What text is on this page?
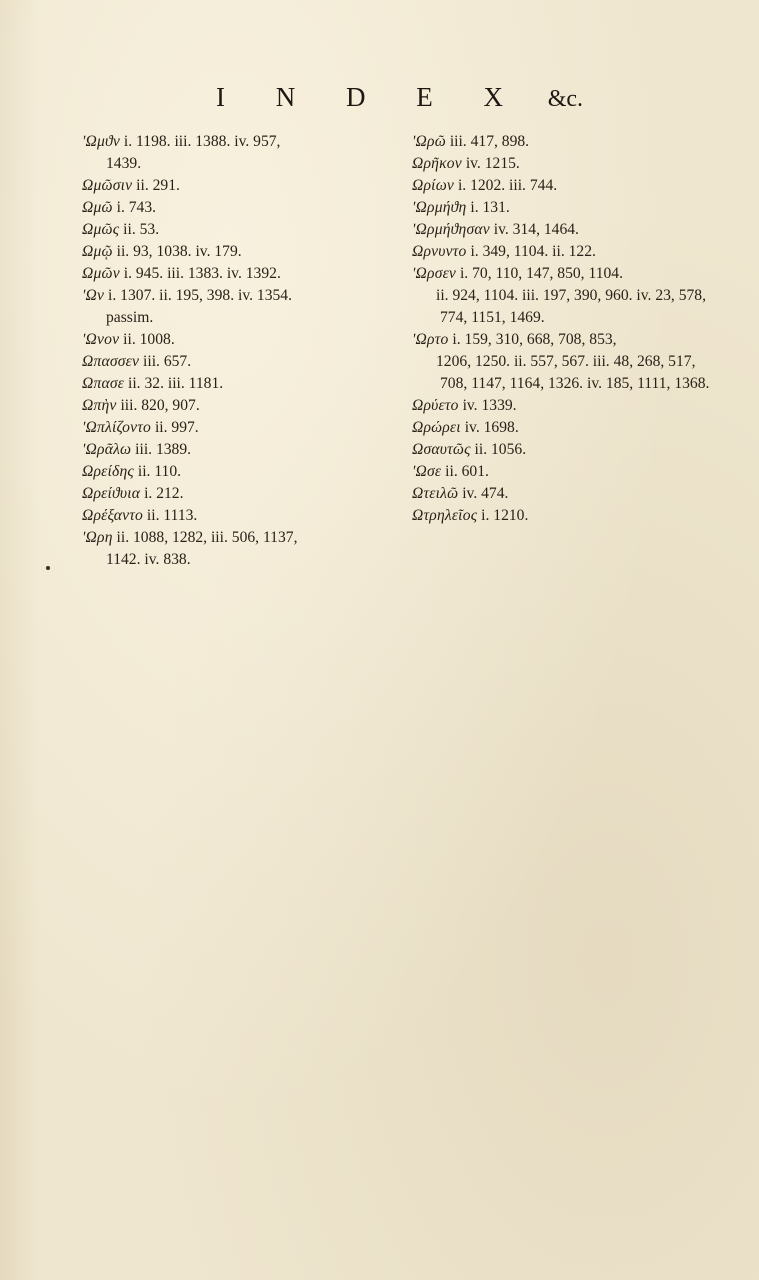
I N D E X &c.
ʹΩμϑν i. 1198. iii. 1388. iv. 957,
1439.
Ωμῶσιν ii. 291.
Ωμῶ i. 743.
Ωμῶς ii. 53.
Ωμῷ ii. 93, 1038. iv. 179.
Ωμῶν i. 945. iii. 1383. iv. 1392.
ʹΩν i. 1307. ii. 195, 398. iv. 1354.
passim.
ʹΩνον ii. 1008.
Ωπασσεν iii. 657.
Ωπασε ii. 32. iii. 1181.
Ωπὴν iii. 820, 907.
ʹΩπλίζοντο ii. 997.
ʹΩρᾶλω iii. 1389.
Ωρείδης ii. 110.
Ωρείϑυια i. 212.
Ωρέξαντο ii. 1113.
ʹΩρη ii. 1088, 1282, iii. 506, 1137,
1142. iv. 838.
ʹΩρῶ iii. 417, 898.
Ωρῆκον iv. 1215.
Ωρίων i. 1202. iii. 744.
ʹΩρμήϑη i. 131.
ʹΩρμήϑησαν iv. 314, 1464.
Ωρνυντο i. 349, 1104. ii. 122.
ʹΩρσεν i. 70, 110, 147, 850, 1104.
ii. 924, 1104. iii. 197, 390, 960. iv. 23, 578, 774, 1151, 1469.
ʹΩρτο i. 159, 310, 668, 708, 853,
1206, 1250. ii. 557, 567. iii. 48, 268, 517, 708, 1147, 1164, 1326. iv. 185, 1111, 1368.
Ωρύετο iv. 1339.
Ωρώρει iv. 1698.
Ωσαυτῶς ii. 1056.
ʹΩσε ii. 601.
Ωτειλῶ iv. 474.
Ωτρηλεῖος i. 1210.
